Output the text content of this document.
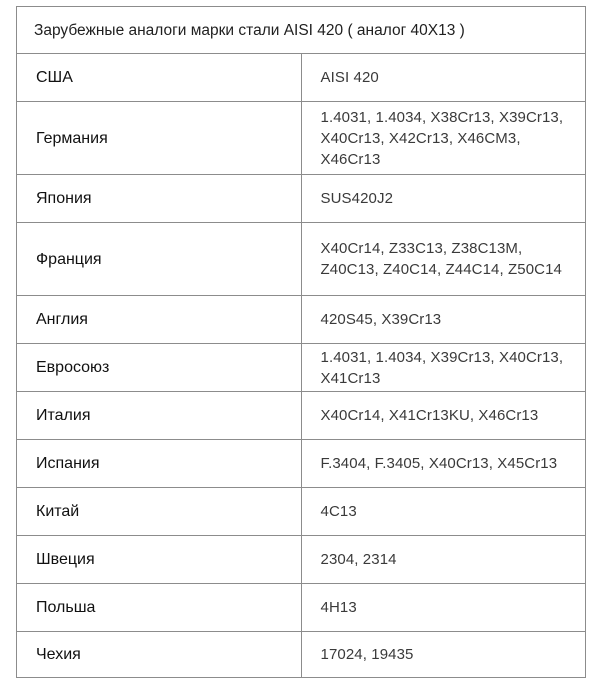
Зарубежные аналоги марки стали AISI 420 ( аналог 40Х13 )	
США	AISI 420
Германия	1.4031, 1.4034, X38Cr13, X39Cr13, X40Cr13, X42Cr13, X46CM3, X46Cr13
Япония	SUS420J2
Франция	X40Cr14, Z33C13, Z38C13M, Z40C13, Z40C14, Z44C14, Z50C14
Англия	420S45, X39Cr13
Евросоюз	1.4031, 1.4034, X39Cr13, X40Cr13, X41Cr13
Италия	X40Cr14, X41Cr13KU, X46Cr13
Испания	F.3404, F.3405, X40Cr13, X45Cr13
Китай	4C13
Швеция	2304, 2314
Польша	4H13
Чехия	17024, 19435
